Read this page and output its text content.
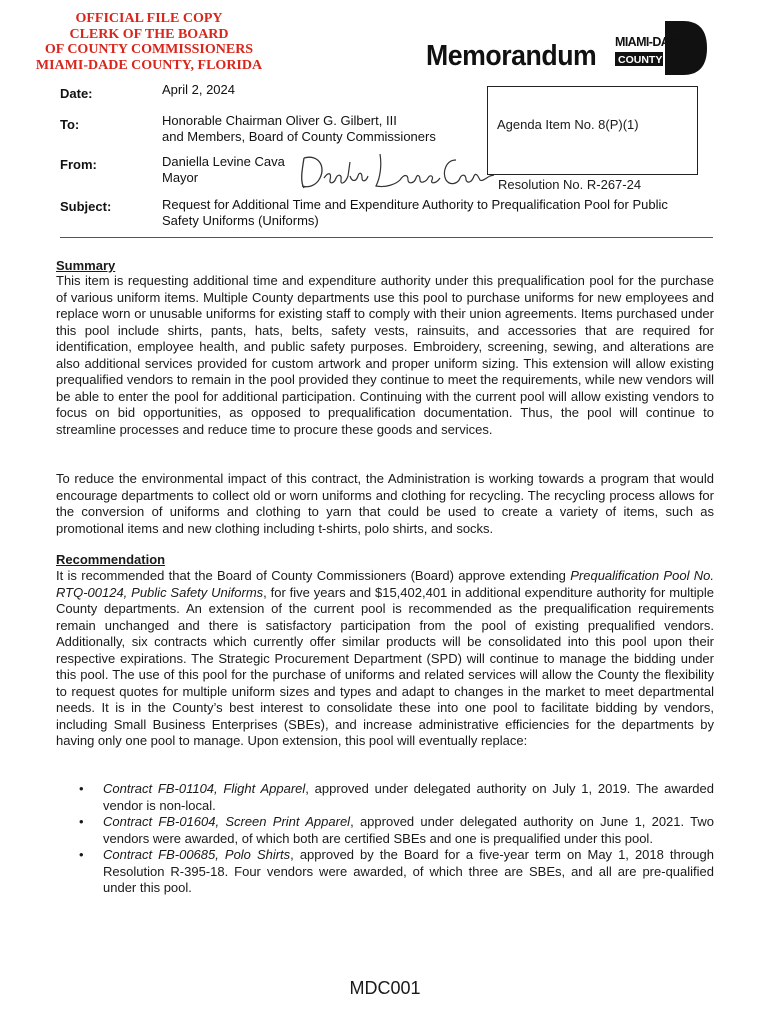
OFFICIAL FILE COPY
CLERK OF THE BOARD
OF COUNTY COMMISSIONERS
MIAMI-DADE COUNTY, FLORIDA	Memorandum MIAMI-DADE
COUNTY
Date:	April 2, 2024
To:	Honorable Chairman Oliver G. Gilbert, III
and Members, Board of County Commissioners
From:	Daniella Levine Cava
Mayor
Subject:	Request for Additional Time and Expenditure Authority to Prequalification Pool for Public
Safety Uniforms (Uniforms)
Agenda Item No. 8(P)(1)
Resolution No. R-267-24
Summary
This item is requesting additional time and expenditure authority under this prequalification pool for the purchase of various uniform items. Multiple County departments use this pool to purchase uniforms for new employees and replace worn or unusable uniforms for existing staff to comply with their union agreements. Items purchased under this pool include shirts, pants, hats, belts, safety vests, rainsuits, and accessories that are required for identification, employee health, and public safety purposes. Embroidery, screening, sewing, and alterations are also additional services provided for custom artwork and proper uniform sizing. This extension will allow existing prequalified vendors to remain in the pool provided they continue to meet the requirements, while new vendors will be able to enter the pool for additional participation. Continuing with the current pool will allow existing vendors to focus on bid opportunities, as opposed to prequalification documentation. Thus, the pool will continue to streamline processes and reduce time to procure these goods and services.
To reduce the environmental impact of this contract, the Administration is working towards a program that would encourage departments to collect old or worn uniforms and clothing for recycling. The recycling process allows for the conversion of uniforms and clothing to yarn that could be used to create a variety of items, such as promotional items and new clothing including t-shirts, polo shirts, and socks.
Recommendation
It is recommended that the Board of County Commissioners (Board) approve extending Prequalification Pool No. RTQ-00124, Public Safety Uniforms, for five years and $15,402,401 in additional expenditure authority for multiple County departments. An extension of the current pool is recommended as the prequalification requirements remain unchanged and there is satisfactory participation from the pool of existing prequalified vendors. Additionally, six contracts which currently offer similar products will be consolidated into this pool upon their respective expirations. The Strategic Procurement Department (SPD) will continue to manage the bidding under this pool. The use of this pool for the purchase of uniforms and related services will allow the County the flexibility to request quotes for multiple uniform sizes and types and adapt to changes in the market to meet departmental needs. It is in the County’s best interest to consolidate these into one pool to facilitate bidding by vendors, including Small Business Enterprises (SBEs), and increase administrative efficiencies for the departments by having only one pool to manage. Upon extension, this pool will eventually replace:
• Contract FB-01104, Flight Apparel, approved under delegated authority on July 1, 2019. The awarded vendor is non-local.
• Contract FB-01604, Screen Print Apparel, approved under delegated authority on June 1, 2021. Two vendors were awarded, of which both are certified SBEs and one is prequalified under this pool.
• Contract FB-00685, Polo Shirts, approved by the Board for a five-year term on May 1, 2018 through Resolution R-395-18. Four vendors were awarded, of which three are SBEs, and all are pre-qualified under this pool.
MDC001
